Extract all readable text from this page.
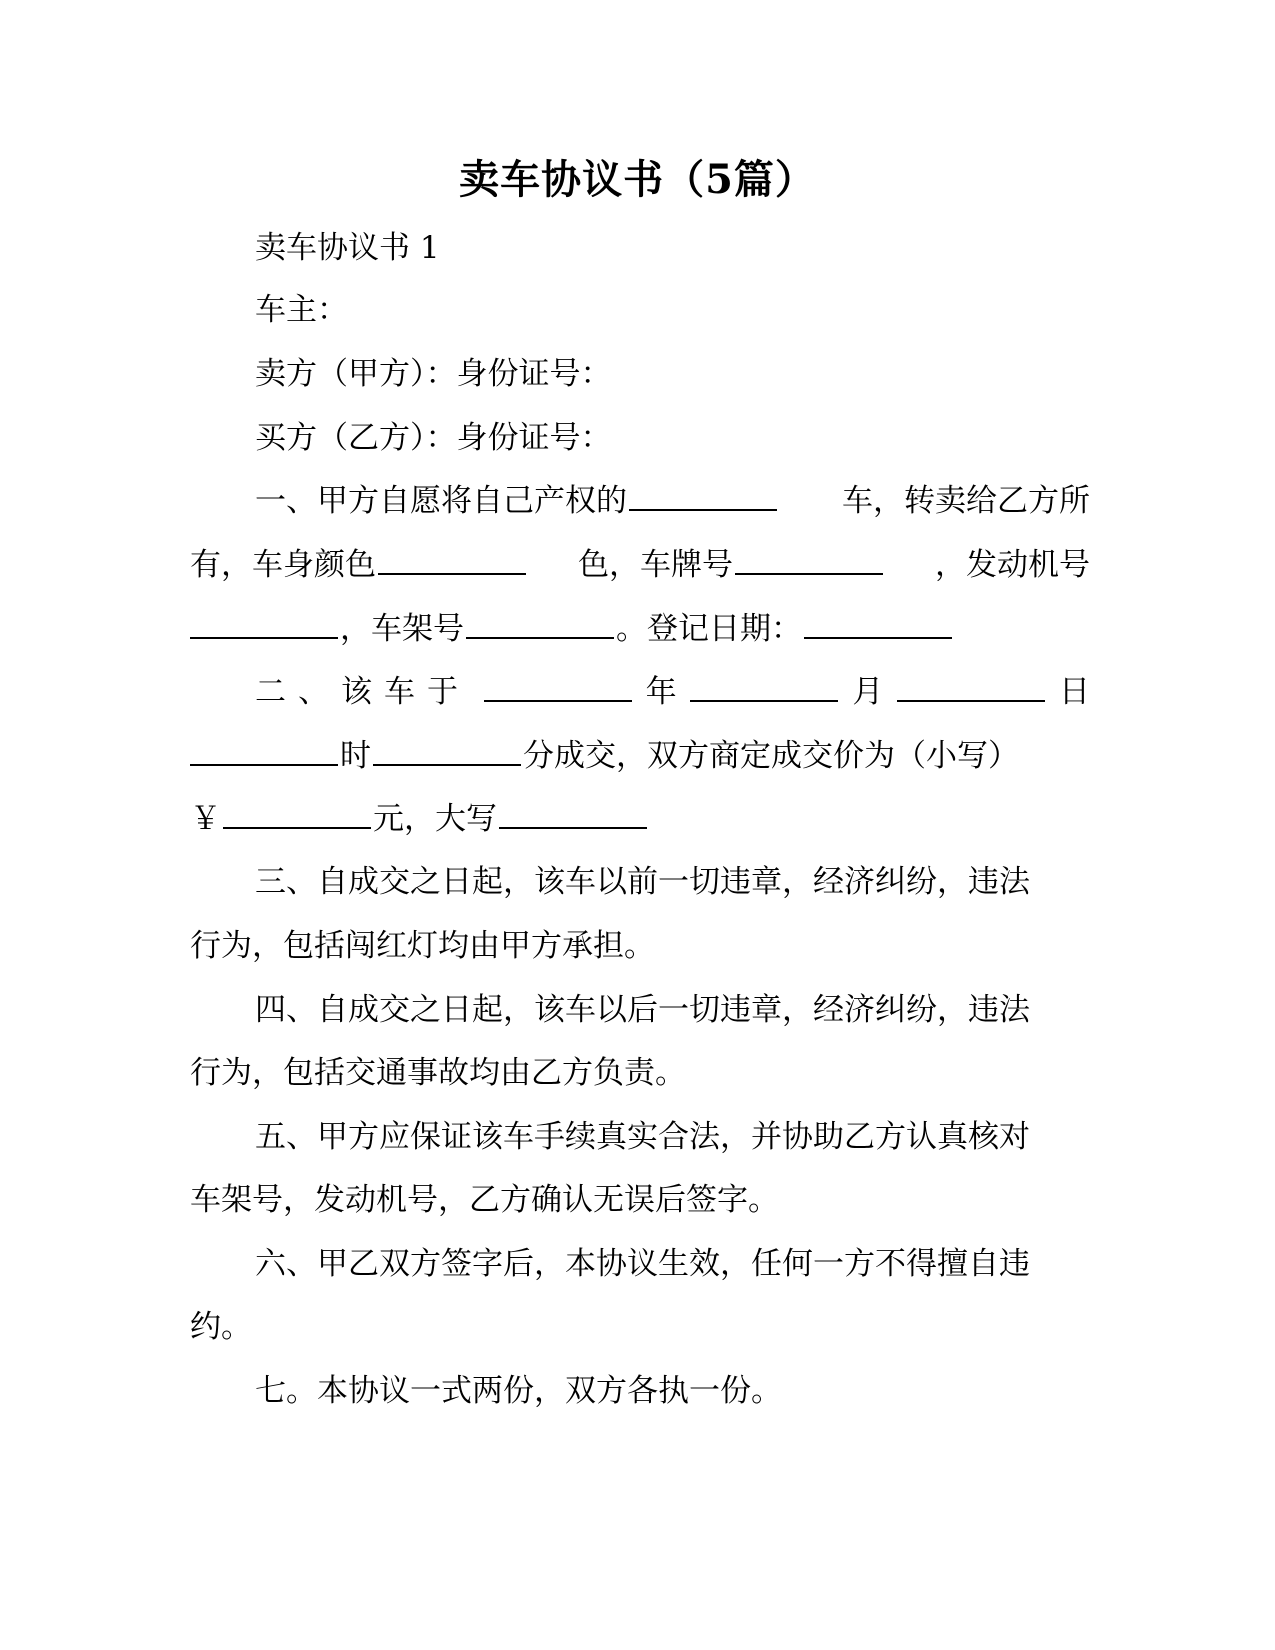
卖车协议书（5篇）
卖车协议书 1
车主：
卖方（甲方）：身份证号：
买方（乙方）：身份证号：
一、甲方自愿将自己产权的	车，转卖给乙方所
有，车身颜色	色，车牌号	，发动机号
，车架号	。登记日期：
二、该车于	年	月	日
时	分成交，双方商定成交价为（小写）
￥	元，大写
三、自成交之日起，该车以前一切违章，经济纠纷，违法
行为，包括闯红灯均由甲方承担。
四、自成交之日起，该车以后一切违章，经济纠纷，违法
行为，包括交通事故均由乙方负责。
五、甲方应保证该车手续真实合法，并协助乙方认真核对
车架号，发动机号，乙方确认无误后签字。
六、甲乙双方签字后，本协议生效，任何一方不得擅自违
约。
七。本协议一式两份，双方各执一份。
